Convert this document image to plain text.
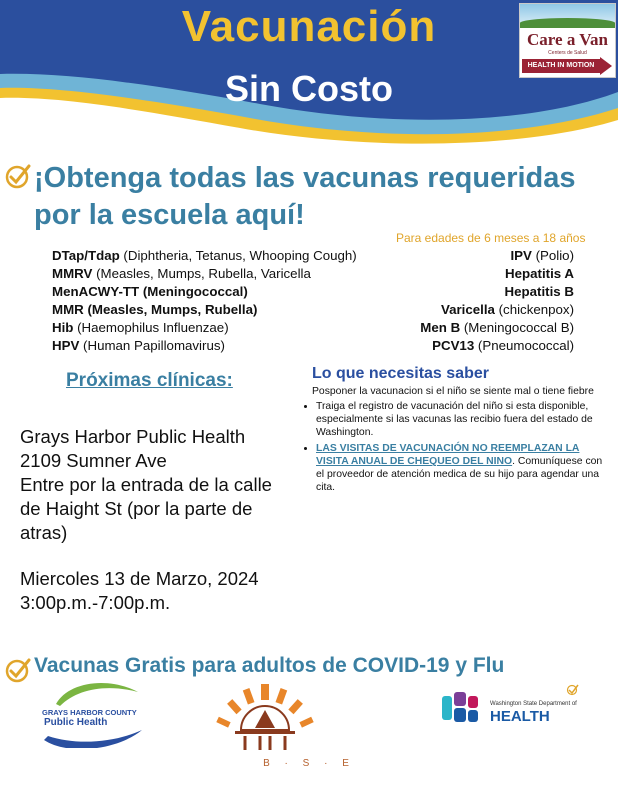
Vacunación
Sin Costo
Care a Van
Centers de Salud
HEALTH IN MOTION
¡Obtenga todas las vacunas requeridas por la escuela aquí!
Para edades de 6 meses a 18 años
DTap/Tdap (Diphtheria, Tetanus, Whooping Cough)
MMRV (Measles, Mumps, Rubella, Varicella
MenACWY-TT (Meningococcal)
MMR (Measles, Mumps, Rubella)
Hib (Haemophilus Influenzae)
HPV (Human Papillomavirus)
IPV (Polio)
Hepatitis A
Hepatitis B
Varicella (chickenpox)
Men B (Meningococcal B)
PCV13 (Pneumococcal)
Próximas clínicas:
Grays Harbor Public Health
2109 Sumner Ave
Entre por la entrada de la calle
de Haight St (por la parte de
atras)
Miercoles 13 de Marzo, 2024
3:00p.m.-7:00p.m.
Lo que necesitas saber
Posponer la vacunacion si el niño se siente mal o tiene fiebre
• Traiga el registro de vacunación del niño si esta disponible, especialmente si las vacunas las recibio fuera del estado de Washington.
• LAS VISITAS DE VACUNACIÓN NO REEMPLAZAN LA VISITA ANUAL DE CHEQUEO DEL NINO. Comuníquese con el proveedor de atención medica de su hijo para agendar una cita.
Vacunas Gratis para adultos de COVID-19 y Flu
GRAYS HARBOR COUNTY
Public Health
B · S · E
Washington State Department of
HEALTH
